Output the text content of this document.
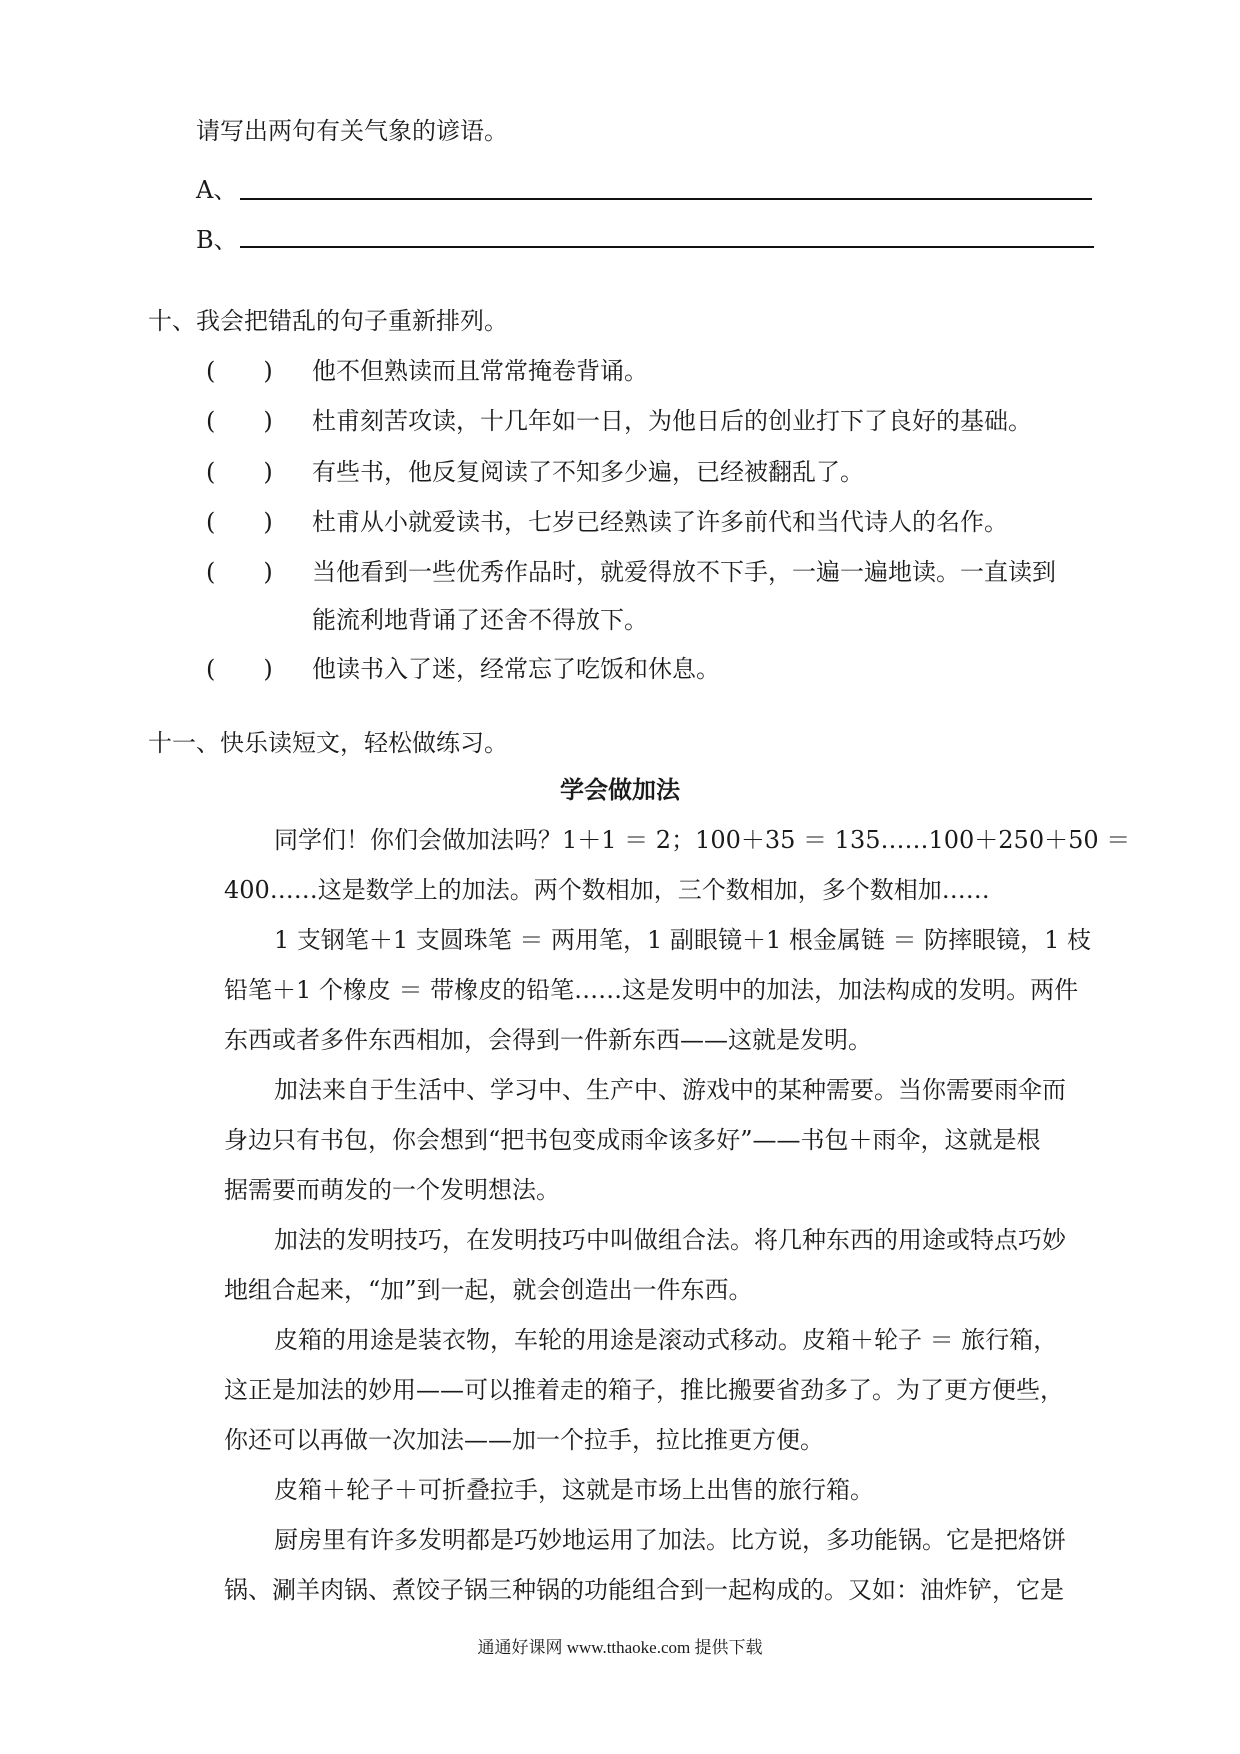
请写出两句有关气象的谚语。
A、
B、
十、我会把错乱的句子重新排列。
(　　) 他不但熟读而且常常掩卷背诵。
(　　) 杜甫刻苦攻读，十几年如一日，为他日后的创业打下了良好的基础。
(　　) 有些书，他反复阅读了不知多少遍，已经被翻乱了。
(　　) 杜甫从小就爱读书，七岁已经熟读了许多前代和当代诗人的名作。
(　　) 当他看到一些优秀作品时，就爱得放不下手，一遍一遍地读。一直读到
能流利地背诵了还舍不得放下。
(　　) 他读书入了迷，经常忘了吃饭和休息。
十一、快乐读短文，轻松做练习。
学会做加法
同学们！你们会做加法吗？1＋1 ＝ 2；100＋35 ＝ 135……100＋250＋50 ＝
400……这是数学上的加法。两个数相加，三个数相加，多个数相加……
1 支钢笔＋1 支圆珠笔 ＝ 两用笔，1 副眼镜＋1 根金属链 ＝ 防摔眼镜，1 枝
铅笔＋1 个橡皮 ＝ 带橡皮的铅笔……这是发明中的加法，加法构成的发明。两件
东西或者多件东西相加，会得到一件新东西——这就是发明。
加法来自于生活中、学习中、生产中、游戏中的某种需要。当你需要雨伞而
身边只有书包，你会想到“把书包变成雨伞该多好”——书包＋雨伞，这就是根
据需要而萌发的一个发明想法。
加法的发明技巧，在发明技巧中叫做组合法。将几种东西的用途或特点巧妙
地组合起来，“加”到一起，就会创造出一件东西。
皮箱的用途是装衣物，车轮的用途是滚动式移动。皮箱＋轮子 ＝ 旅行箱，
这正是加法的妙用——可以推着走的箱子，推比搬要省劲多了。为了更方便些，
你还可以再做一次加法——加一个拉手，拉比推更方便。
皮箱＋轮子＋可折叠拉手，这就是市场上出售的旅行箱。
厨房里有许多发明都是巧妙地运用了加法。比方说，多功能锅。它是把烙饼
锅、涮羊肉锅、煮饺子锅三种锅的功能组合到一起构成的。又如：油炸铲，它是
通通好课网 www.tthaoke.com 提供下载
